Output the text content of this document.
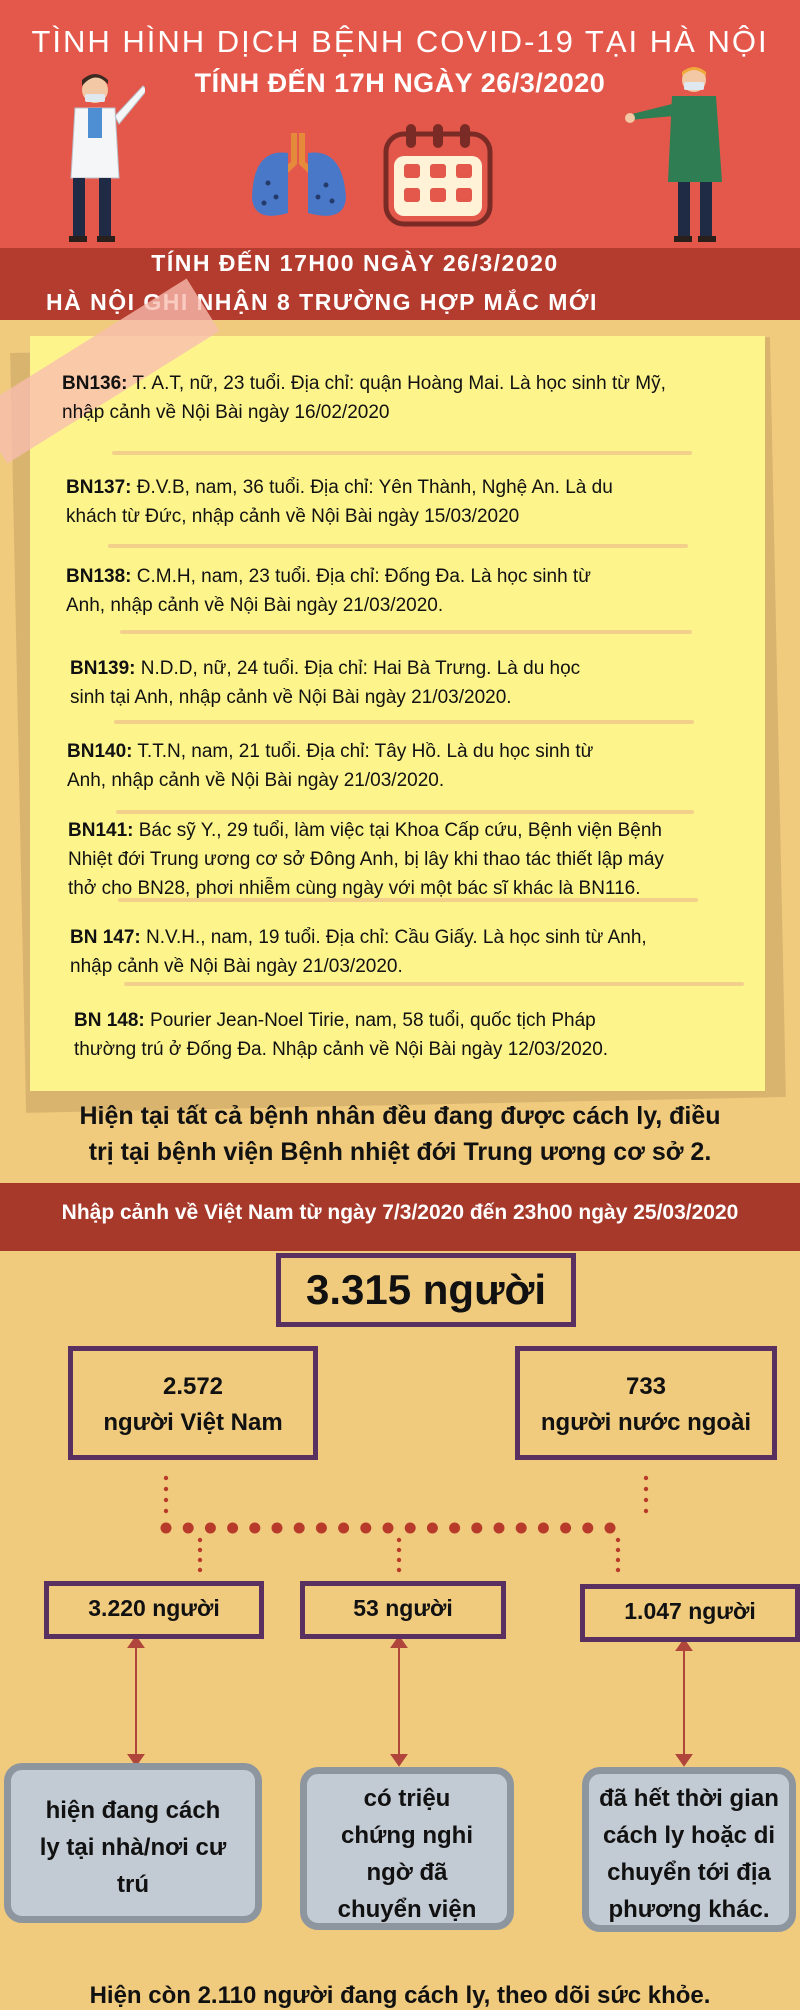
TÌNH HÌNH DỊCH BỆNH COVID-19 TẠI HÀ NỘI
TÍNH ĐẾN 17H NGÀY 26/3/2020
TÍNH ĐẾN 17H00 NGÀY 26/3/2020
HÀ NỘI GHI NHẬN 8 TRƯỜNG HỢP MẮC MỚI
BN136: T. A.T, nữ, 23 tuổi. Địa chỉ: quận Hoàng Mai. Là học sinh từ Mỹ,
nhập cảnh về Nội Bài ngày 16/02/2020
BN137: Đ.V.B, nam, 36 tuổi. Địa chỉ: Yên Thành, Nghệ An. Là du
khách từ Đức, nhập cảnh về Nội Bài ngày 15/03/2020
BN138: C.M.H, nam, 23 tuổi. Địa chỉ: Đống Đa. Là học sinh từ
Anh, nhập cảnh về Nội Bài ngày 21/03/2020.
BN139: N.D.D, nữ, 24 tuổi. Địa chỉ: Hai Bà Trưng. Là du học
sinh tại Anh, nhập cảnh về Nội Bài ngày 21/03/2020.
BN140: T.T.N, nam, 21 tuổi. Địa chỉ: Tây Hồ. Là du học sinh từ
Anh, nhập cảnh về Nội Bài ngày 21/03/2020.
BN141: Bác sỹ Y., 29 tuổi, làm việc tại Khoa Cấp cứu, Bệnh viện Bệnh
Nhiệt đới Trung ương cơ sở Đông Anh, bị lây khi thao tác thiết lập máy
thở cho BN28, phơi nhiễm cùng ngày với một bác sĩ khác là BN116.
BN 147: N.V.H., nam, 19 tuổi. Địa chỉ: Cầu Giấy. Là học sinh từ Anh,
nhập cảnh về Nội Bài ngày 21/03/2020.
BN 148: Pourier Jean-Noel Tirie, nam, 58 tuổi, quốc tịch Pháp
thường trú ở Đống Đa. Nhập cảnh về Nội Bài ngày 12/03/2020.
Hiện tại tất cả bệnh nhân đều đang được cách ly, điều
trị tại bệnh viện Bệnh nhiệt đới Trung ương cơ sở 2.
Nhập cảnh về Việt Nam từ ngày 7/3/2020 đến 23h00 ngày 25/03/2020
3.315 người
2.572
người Việt Nam
733
người nước ngoài
3.220 người	53 người	1.047 người
hiện đang cách
ly tại nhà/nơi cư
trú
có triệu
chứng nghi
ngờ đã
chuyển viện
đã hết thời gian
cách ly hoặc di
chuyển tới địa
phương khác.
Hiện còn 2.110 người đang cách ly, theo dõi sức khỏe.
